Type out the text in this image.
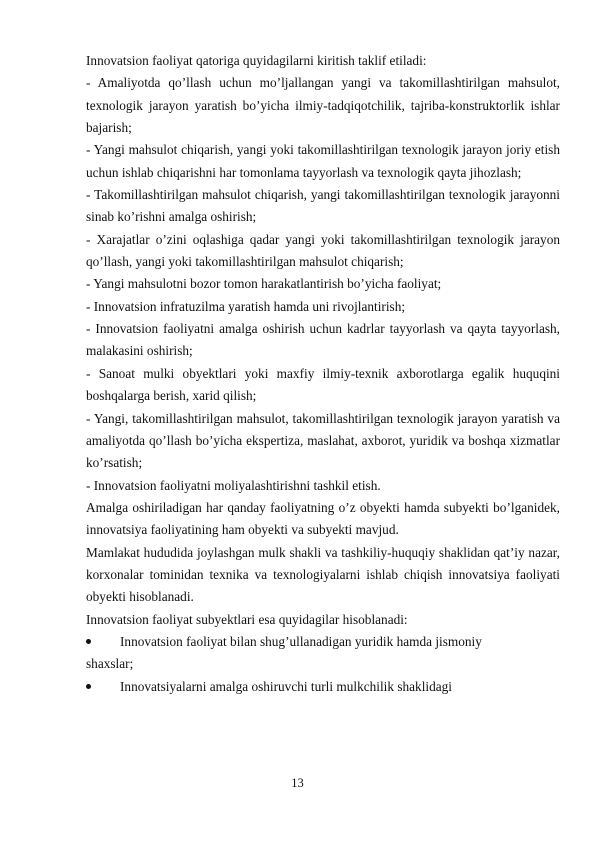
Innovatsion faoliyat qatoriga quyidagilarni kiritish taklif etiladi:

- Amaliyotda qo’llash uchun mo’ljallangan yangi va takomillashtirilgan mahsulot, texnologik jarayon yaratish bo’yicha ilmiy-tadqiqotchilik, tajriba-konstruktorlik ishlar bajarish;

- Yangi mahsulot chiqarish, yangi yoki takomillashtirilgan texnologik jarayon joriy etish uchun ishlab chiqarishni har tomonlama tayyorlash va texnologik qayta jihozlash;

- Takomillashtirilgan mahsulot chiqarish, yangi takomillashtirilgan texnologik jarayonni sinab ko’rishni amalga oshirish;

- Xarajatlar o’zini oqlashiga qadar yangi yoki takomillashtirilgan texnologik jarayon qo’llash, yangi yoki takomillashtirilgan mahsulot chiqarish;

- Yangi mahsulotni bozor tomon harakatlantirish bo’yicha faoliyat;

- Innovatsion infratuzilma yaratish hamda uni rivojlantirish;

- Innovatsion faoliyatni amalga oshirish uchun kadrlar tayyorlash va qayta tayyorlash, malakasini oshirish;

- Sanoat mulki obyektlari yoki maxfiy ilmiy-texnik axborotlarga egalik huquqini boshqalarga berish, xarid qilish;

- Yangi, takomillashtirilgan mahsulot, takomillashtirilgan texnologik jarayon yaratish va amaliyotda qo’llash bo’yicha ekspertiza, maslahat, axborot, yuridik va boshqa xizmatlar ko’rsatish;

- Innovatsion faoliyatni moliyalashtirishni tashkil etish.

Amalga oshiriladigan har qanday faoliyatning o’z obyekti hamda subyekti bo’lganidek, innovatsiya faoliyatining ham obyekti va subyekti mavjud.

Mamlakat hududida joylashgan mulk shakli va tashkiliy-huquqiy shaklidan qat’iy nazar, korxonalar tominidan texnika va texnologiyalarni ishlab chiqish innovatsiya faoliyati obyekti hisoblanadi.

Innovatsion faoliyat subyektlari esa quyidagilar hisoblanadi:

Innovatsion faoliyat bilan shug’ullanadigan yuridik hamda jismoniy

shaxslar;

Innovatsiyalarni amalga oshiruvchi turli mulkchilik shaklidagi

13
